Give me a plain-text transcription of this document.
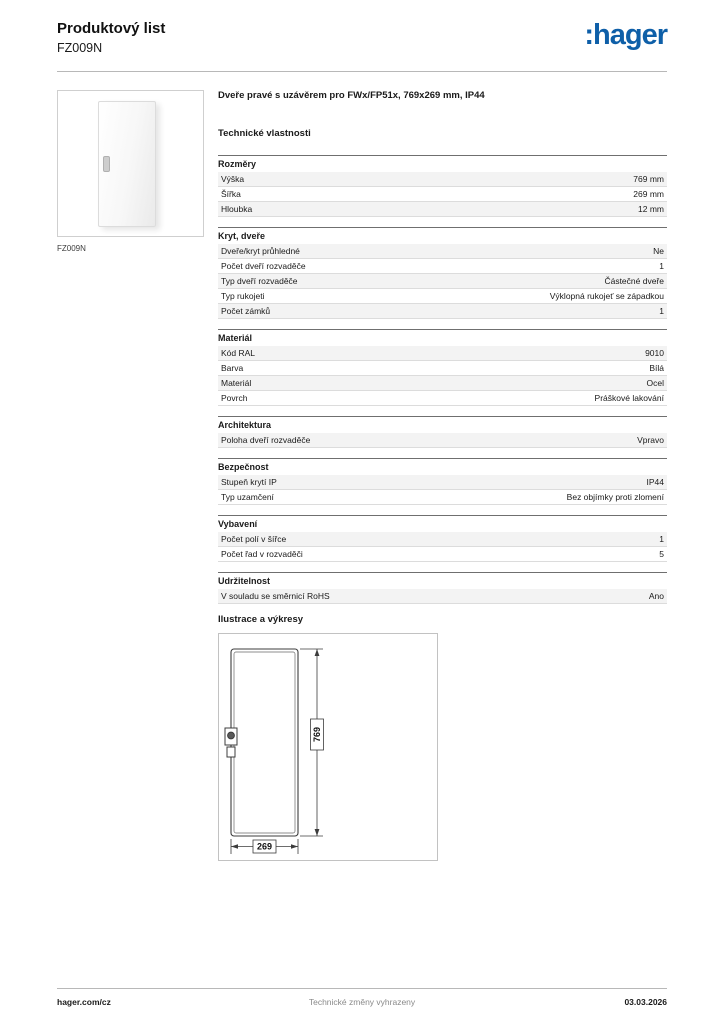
Produktový list
FZ009N	:hager
FZ009N
Dveře pravé s uzávěrem pro FWx/FP51x, 769x269 mm, IP44
Technické vlastnosti
Rozměry
Výška	769 mm
Šířka	269 mm
Hloubka	12 mm
Kryt, dveře
Dveře/kryt průhledné	Ne
Počet dveří rozvaděče	1
Typ dveří rozvaděče	Částečné dveře
Typ rukojeti	Výklopná rukojeť se západkou
Počet zámků	1
Materiál
Kód RAL	9010
Barva	Bílá
Materiál	Ocel
Povrch	Práškové lakování
Architektura
Poloha dveří rozvaděče	Vpravo
Bezpečnost
Stupeň krytí IP	IP44
Typ uzamčení	Bez objímky proti zlomení
Vybavení
Počet polí v šířce	1
Počet řad v rozvaděči	5
Udržitelnost
V souladu se směrnicí RoHS	Ano
Ilustrace a výkresy
769
269
hager.com/cz	Technické změny vyhrazeny	03.03.2026
